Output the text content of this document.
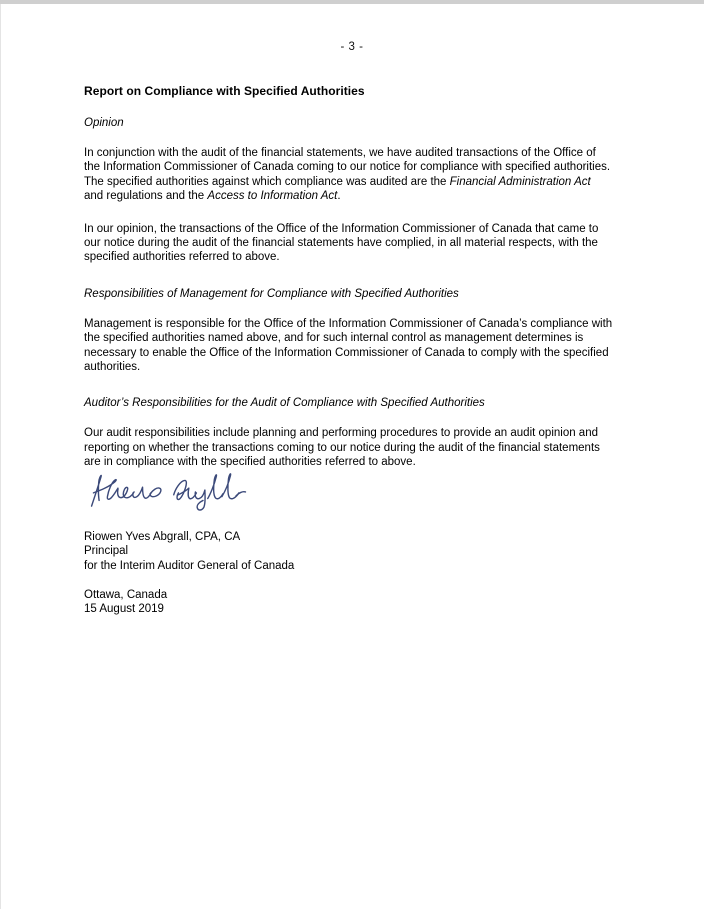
- 3 -
Report on Compliance with Specified Authorities
Opinion

In conjunction with the audit of the financial statements, we have audited transactions of the Office of the Information Commissioner of Canada coming to our notice for compliance with specified authorities. The specified authorities against which compliance was audited are the Financial Administration Act and regulations and the Access to Information Act.

In our opinion, the transactions of the Office of the Information Commissioner of Canada that came to our notice during the audit of the financial statements have complied, in all material respects, with the specified authorities referred to above.

Responsibilities of Management for Compliance with Specified Authorities

Management is responsible for the Office of the Information Commissioner of Canada’s compliance with the specified authorities named above, and for such internal control as management determines is necessary to enable the Office of the Information Commissioner of Canada to comply with the specified authorities.

Auditor’s Responsibilities for the Audit of Compliance with Specified Authorities

Our audit responsibilities include planning and performing procedures to provide an audit opinion and reporting on whether the transactions coming to our notice during the audit of the financial statements are in compliance with the specified authorities referred to above.

Riowen Yves Abgrall, CPA, CA
Principal
for the Interim Auditor General of Canada
Ottawa, Canada
15 August 2019
